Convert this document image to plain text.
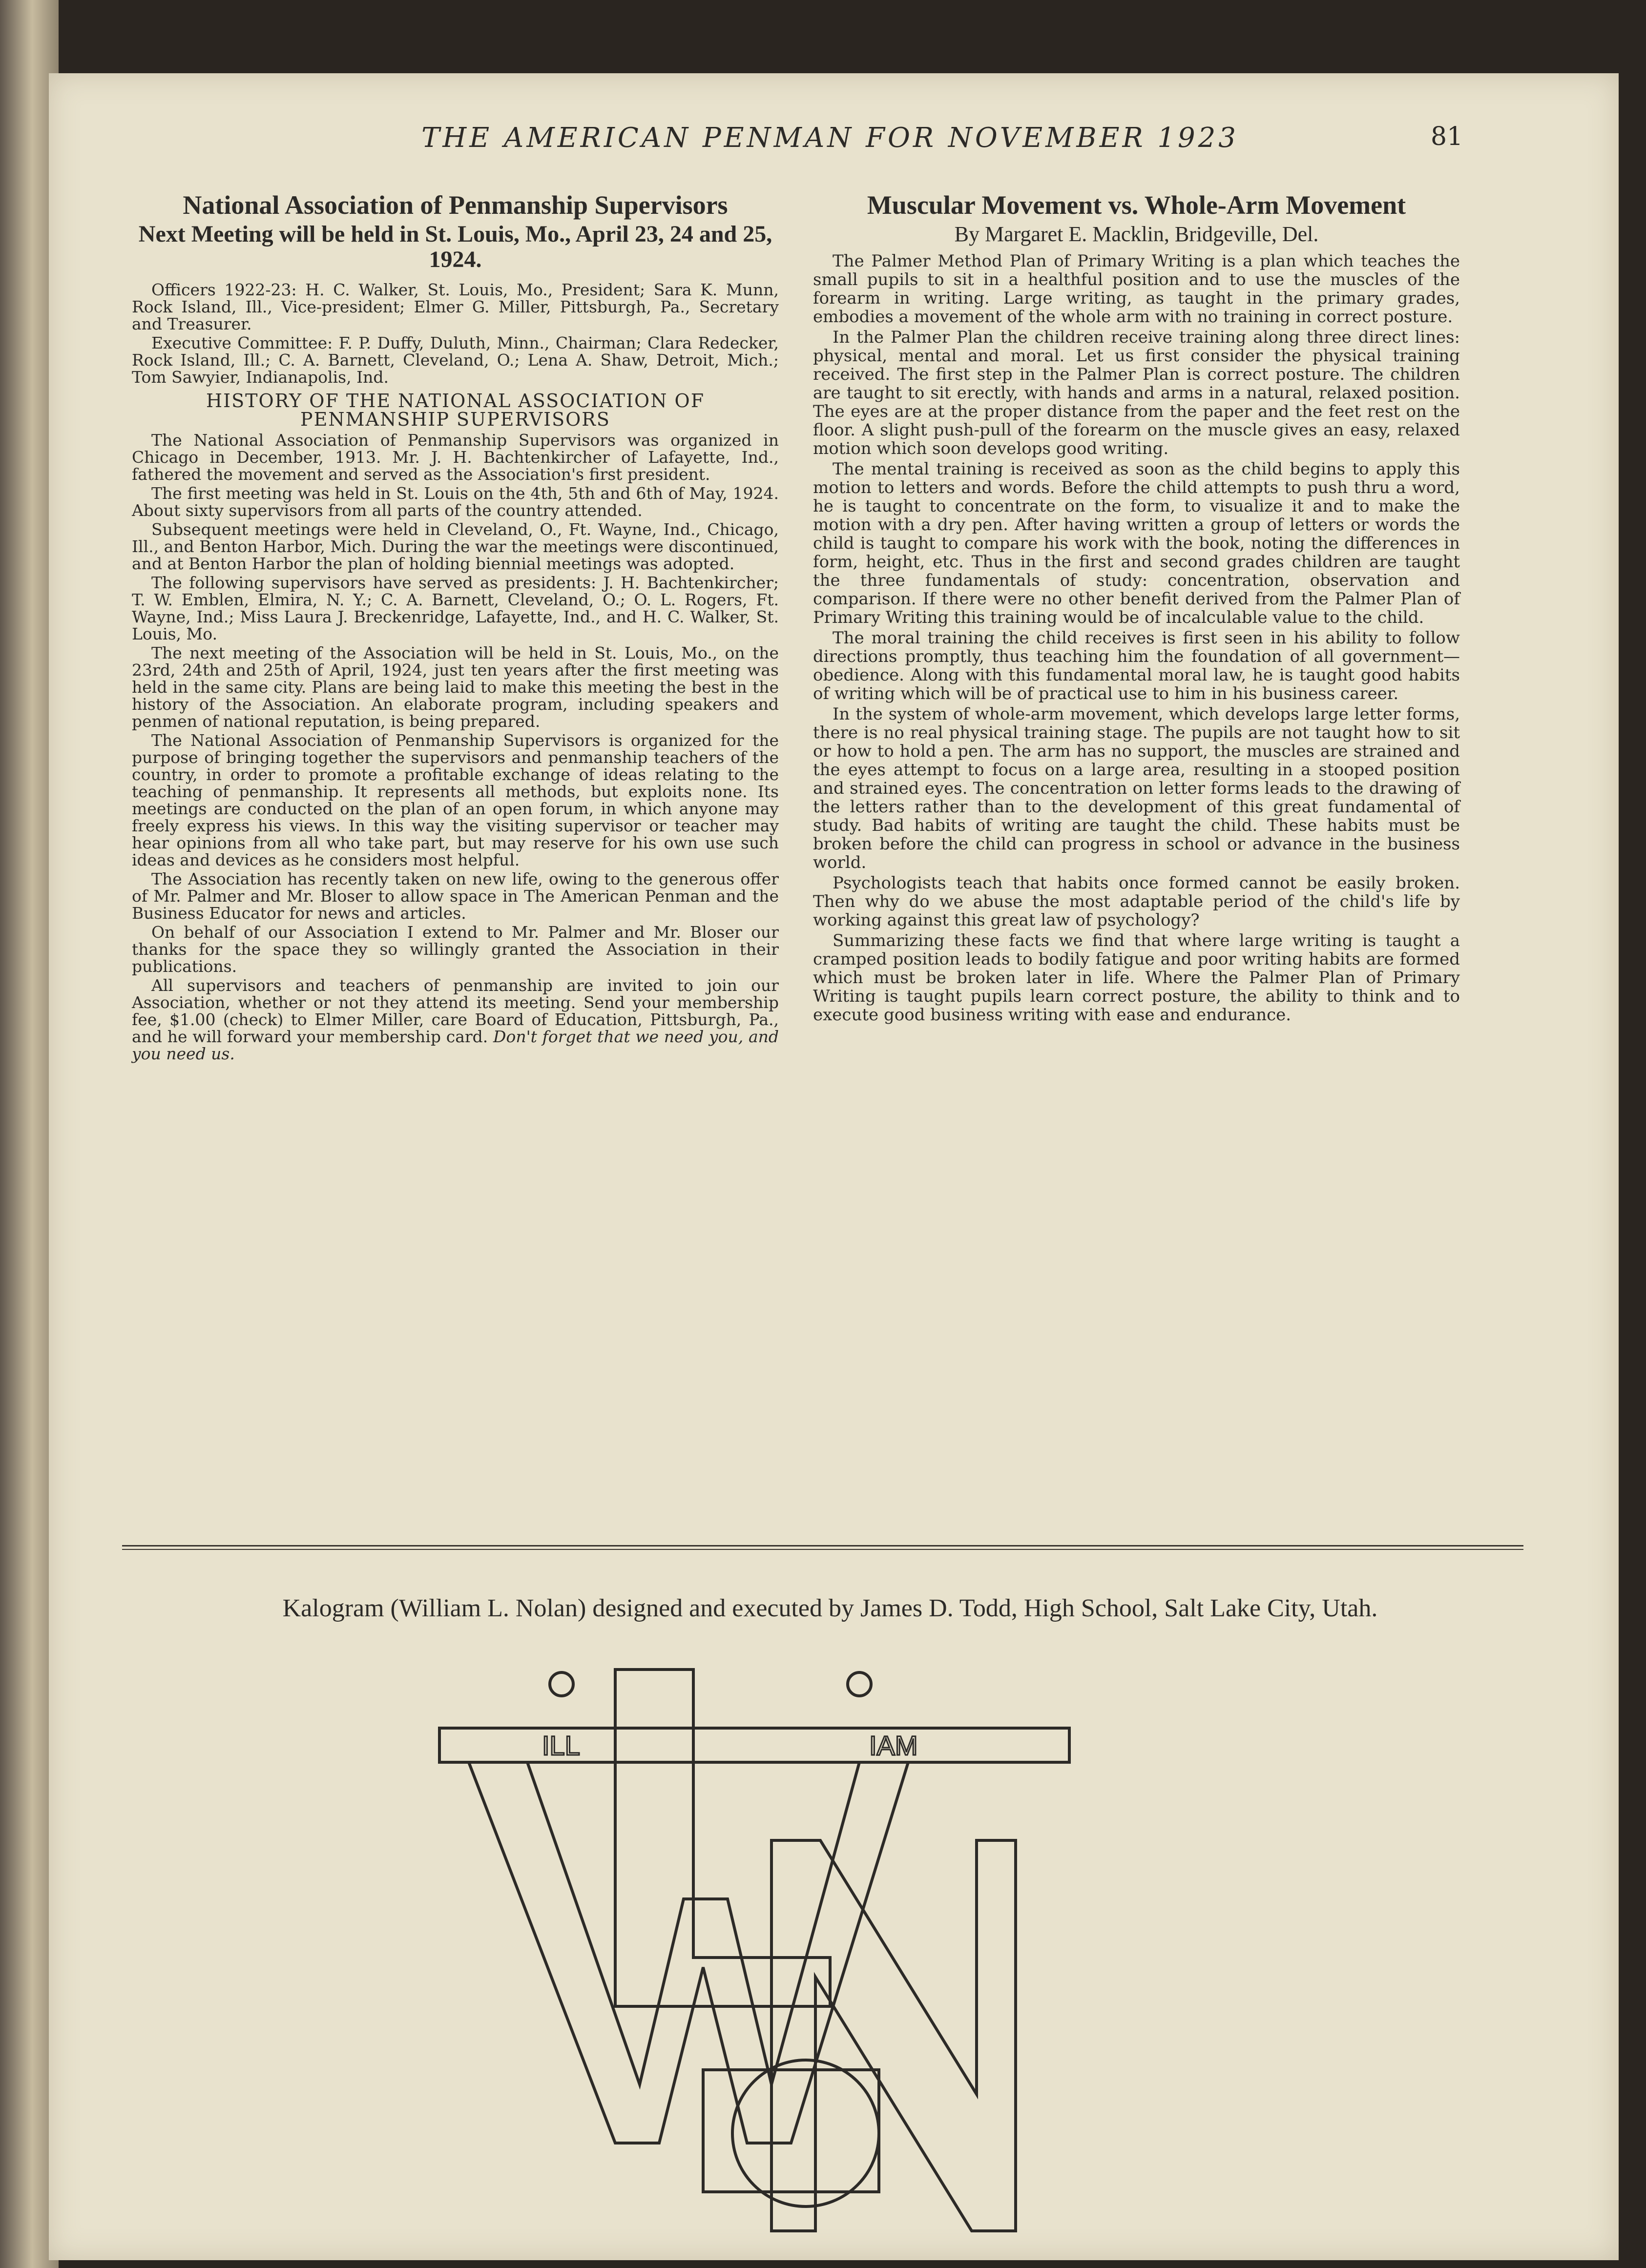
THE AMERICAN PENMAN FOR NOVEMBER 1923	81
National Association of Penmanship Supervisors
Next Meeting will be held in St. Louis, Mo., April 23, 24 and 25, 1924.

Officers 1922-23: H. C. Walker, St. Louis, Mo., President; Sara K. Munn, Rock Island, Ill., Vice-president; Elmer G. Miller, Pittsburgh, Pa., Secretary and Treasurer.

Executive Committee: F. P. Duffy, Duluth, Minn., Chairman; Clara Redecker, Rock Island, Ill.; C. A. Barnett, Cleveland, O.; Lena A. Shaw, Detroit, Mich.; Tom Sawyier, Indianapolis, Ind.

HISTORY OF THE NATIONAL ASSOCIATION OF PENMANSHIP SUPERVISORS

The National Association of Penmanship Supervisors was organized in Chicago in December, 1913. Mr. J. H. Bachtenkircher of Lafayette, Ind., fathered the movement and served as the Association's first president.

The first meeting was held in St. Louis on the 4th, 5th and 6th of May, 1924. About sixty supervisors from all parts of the country attended.

Subsequent meetings were held in Cleveland, O., Ft. Wayne, Ind., Chicago, Ill., and Benton Harbor, Mich. During the war the meetings were discontinued, and at Benton Harbor the plan of holding biennial meetings was adopted.

The following supervisors have served as presidents: J. H. Bachtenkircher; T. W. Emblen, Elmira, N. Y.; C. A. Barnett, Cleveland, O.; O. L. Rogers, Ft. Wayne, Ind.; Miss Laura J. Breckenridge, Lafayette, Ind., and H. C. Walker, St. Louis, Mo.

The next meeting of the Association will be held in St. Louis, Mo., on the 23rd, 24th and 25th of April, 1924, just ten years after the first meeting was held in the same city. Plans are being laid to make this meeting the best in the history of the Association. An elaborate program, including speakers and penmen of national reputation, is being prepared.

The National Association of Penmanship Supervisors is organized for the purpose of bringing together the supervisors and penmanship teachers of the country, in order to promote a profitable exchange of ideas relating to the teaching of penmanship. It represents all methods, but exploits none. Its meetings are conducted on the plan of an open forum, in which anyone may freely express his views. In this way the visiting supervisor or teacher may hear opinions from all who take part, but may reserve for his own use such ideas and devices as he considers most helpful.

The Association has recently taken on new life, owing to the generous offer of Mr. Palmer and Mr. Bloser to allow space in The American Penman and the Business Educator for news and articles.

On behalf of our Association I extend to Mr. Palmer and Mr. Bloser our thanks for the space they so willingly granted the Association in their publications.

All supervisors and teachers of penmanship are invited to join our Association, whether or not they attend its meeting. Send your membership fee, $1.00 (check) to Elmer Miller, care Board of Education, Pittsburgh, Pa., and he will forward your membership card. Don't forget that we need you, and you need us.

Muscular Movement vs. Whole-Arm Movement
By Margaret E. Macklin, Bridgeville, Del.

The Palmer Method Plan of Primary Writing is a plan which teaches the small pupils to sit in a healthful position and to use the muscles of the forearm in writing. Large writing, as taught in the primary grades, embodies a movement of the whole arm with no training in correct posture.

In the Palmer Plan the children receive training along three direct lines: physical, mental and moral. Let us first consider the physical training received. The first step in the Palmer Plan is correct posture. The children are taught to sit erectly, with hands and arms in a natural, relaxed position. The eyes are at the proper distance from the paper and the feet rest on the floor. A slight push-pull of the forearm on the muscle gives an easy, relaxed motion which soon develops good writing.

The mental training is received as soon as the child begins to apply this motion to letters and words. Before the child attempts to push thru a word, he is taught to concentrate on the form, to visualize it and to make the motion with a dry pen. After having written a group of letters or words the child is taught to compare his work with the book, noting the differences in form, height, etc. Thus in the first and second grades children are taught the three fundamentals of study: concentration, observation and comparison. If there were no other benefit derived from the Palmer Plan of Primary Writing this training would be of incalculable value to the child.

The moral training the child receives is first seen in his ability to follow directions promptly, thus teaching him the foundation of all government—obedience. Along with this fundamental moral law, he is taught good habits of writing which will be of practical use to him in his business career.

In the system of whole-arm movement, which develops large letter forms, there is no real physical training stage. The pupils are not taught how to sit or how to hold a pen. The arm has no support, the muscles are strained and the eyes attempt to focus on a large area, resulting in a stooped position and strained eyes. The concentration on letter forms leads to the drawing of the letters rather than to the development of this great fundamental of study. Bad habits of writing are taught the child. These habits must be broken before the child can progress in school or advance in the business world.

Psychologists teach that habits once formed cannot be easily broken. Then why do we abuse the most adaptable period of the child's life by working against this great law of psychology?

Summarizing these facts we find that where large writing is taught a cramped position leads to bodily fatigue and poor writing habits are formed which must be broken later in life. Where the Palmer Plan of Primary Writing is taught pupils learn correct posture, the ability to think and to execute good business writing with ease and endurance.

Kalogram (William L. Nolan) designed and executed by James D. Todd, High School, Salt Lake City, Utah.
ILL	IAM
